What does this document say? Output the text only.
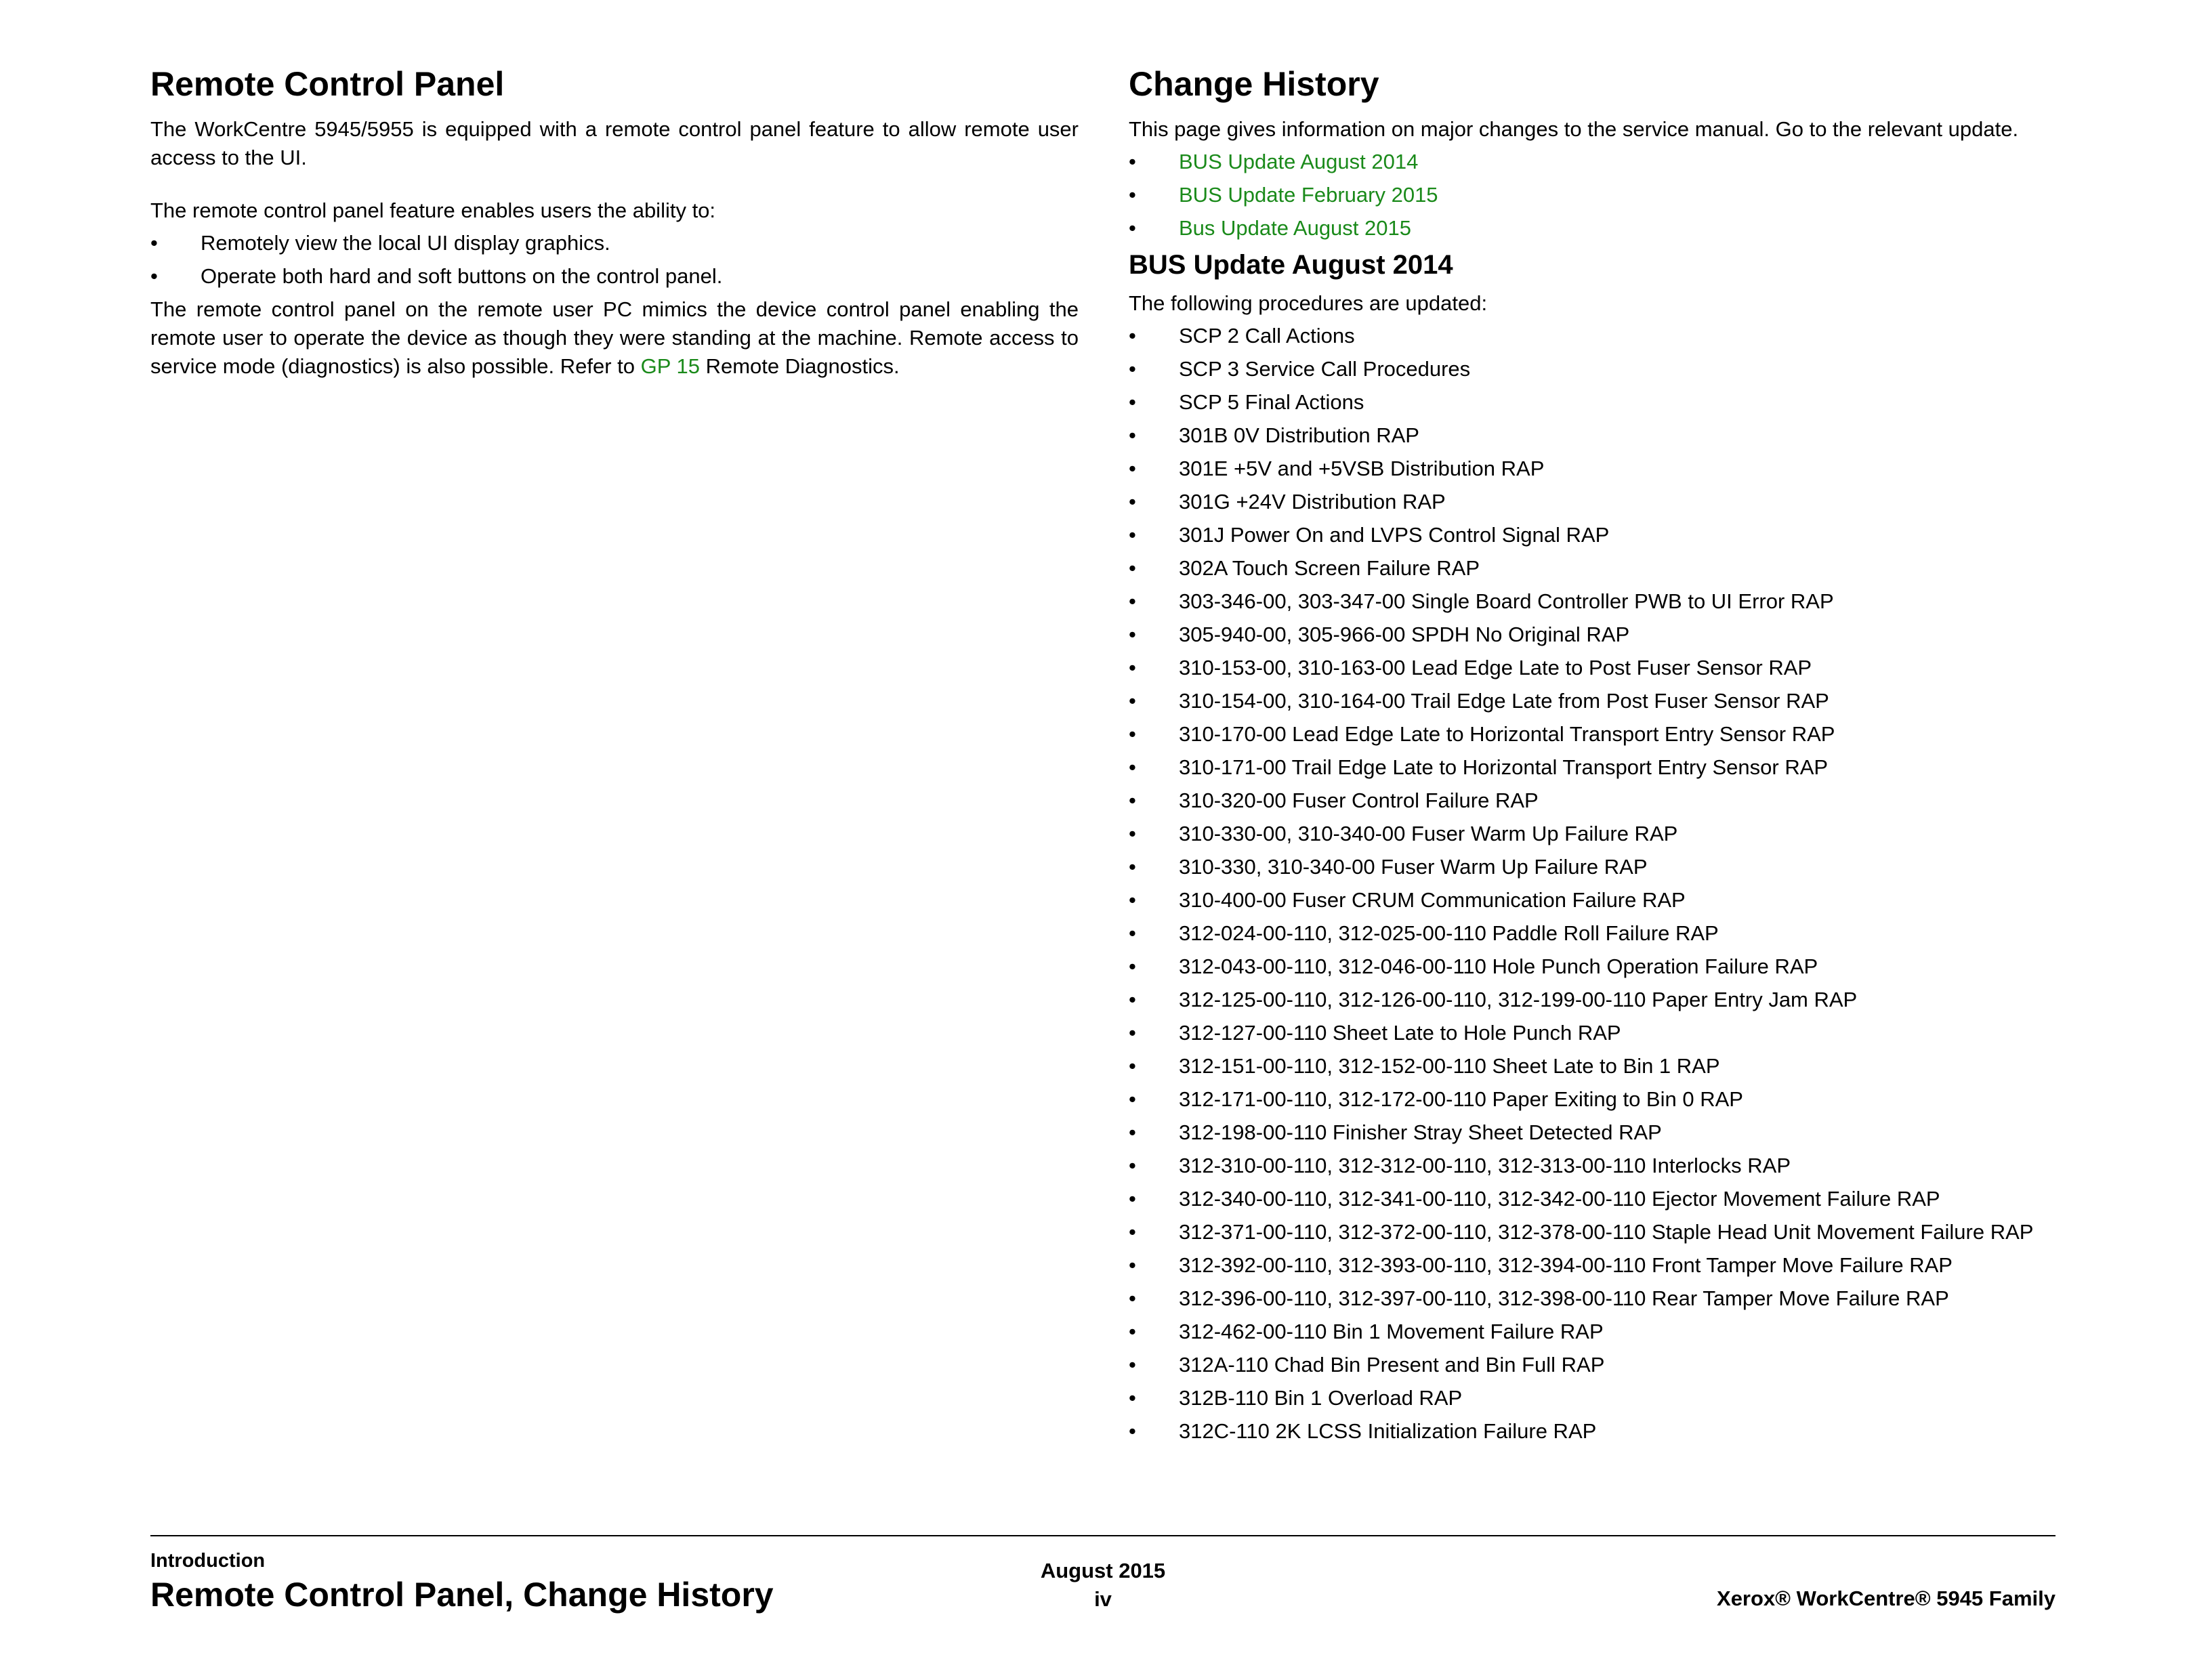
Remote Control Panel

The WorkCentre 5945/5955 is equipped with a remote control panel feature to allow remote user access to the UI.

The remote control panel feature enables users the ability to:

•	Remotely view the local UI display graphics.
•	Operate both hard and soft buttons on the control panel.

The remote control panel on the remote user PC mimics the device control panel enabling the remote user to operate the device as though they were standing at the machine. Remote access to service mode (diagnostics) is also possible. Refer to GP 15 Remote Diagnostics.

Change History

This page gives information on major changes to the service manual. Go to the relevant update.

•	BUS Update August 2014
•	BUS Update February 2015
•	Bus Update August 2015
BUS Update August 2014

The following procedures are updated:

•	SCP 2 Call Actions
•	SCP 3 Service Call Procedures
•	SCP 5 Final Actions
•	301B 0V Distribution RAP
•	301E +5V and +5VSB Distribution RAP
•	301G +24V Distribution RAP
•	301J Power On and LVPS Control Signal RAP
•	302A Touch Screen Failure RAP
•	303-346-00, 303-347-00 Single Board Controller PWB to UI Error RAP
•	305-940-00, 305-966-00 SPDH No Original RAP
•	310-153-00, 310-163-00 Lead Edge Late to Post Fuser Sensor RAP
•	310-154-00, 310-164-00 Trail Edge Late from Post Fuser Sensor RAP
•	310-170-00 Lead Edge Late to Horizontal Transport Entry Sensor RAP
•	310-171-00 Trail Edge Late to Horizontal Transport Entry Sensor RAP
•	310-320-00 Fuser Control Failure RAP
•	310-330-00, 310-340-00 Fuser Warm Up Failure RAP
•	310-330, 310-340-00 Fuser Warm Up Failure RAP
•	310-400-00 Fuser CRUM Communication Failure RAP
•	312-024-00-110, 312-025-00-110 Paddle Roll Failure RAP
•	312-043-00-110, 312-046-00-110 Hole Punch Operation Failure RAP
•	312-125-00-110, 312-126-00-110, 312-199-00-110 Paper Entry Jam RAP
•	312-127-00-110 Sheet Late to Hole Punch RAP
•	312-151-00-110, 312-152-00-110 Sheet Late to Bin 1 RAP
•	312-171-00-110, 312-172-00-110 Paper Exiting to Bin 0 RAP
•	312-198-00-110 Finisher Stray Sheet Detected RAP
•	312-310-00-110, 312-312-00-110, 312-313-00-110 Interlocks RAP
•	312-340-00-110, 312-341-00-110, 312-342-00-110 Ejector Movement Failure RAP
•	312-371-00-110, 312-372-00-110, 312-378-00-110 Staple Head Unit Movement Failure RAP
•	312-392-00-110, 312-393-00-110, 312-394-00-110 Front Tamper Move Failure RAP
•	312-396-00-110, 312-397-00-110, 312-398-00-110 Rear Tamper Move Failure RAP
•	312-462-00-110 Bin 1 Movement Failure RAP
•	312A-110 Chad Bin Present and Bin Full RAP
•	312B-110 Bin 1 Overload RAP
•	312C-110 2K LCSS Initialization Failure RAP
Introduction
Remote Control Panel, Change History
August 2015
iv	Xerox® WorkCentre® 5945 Family
